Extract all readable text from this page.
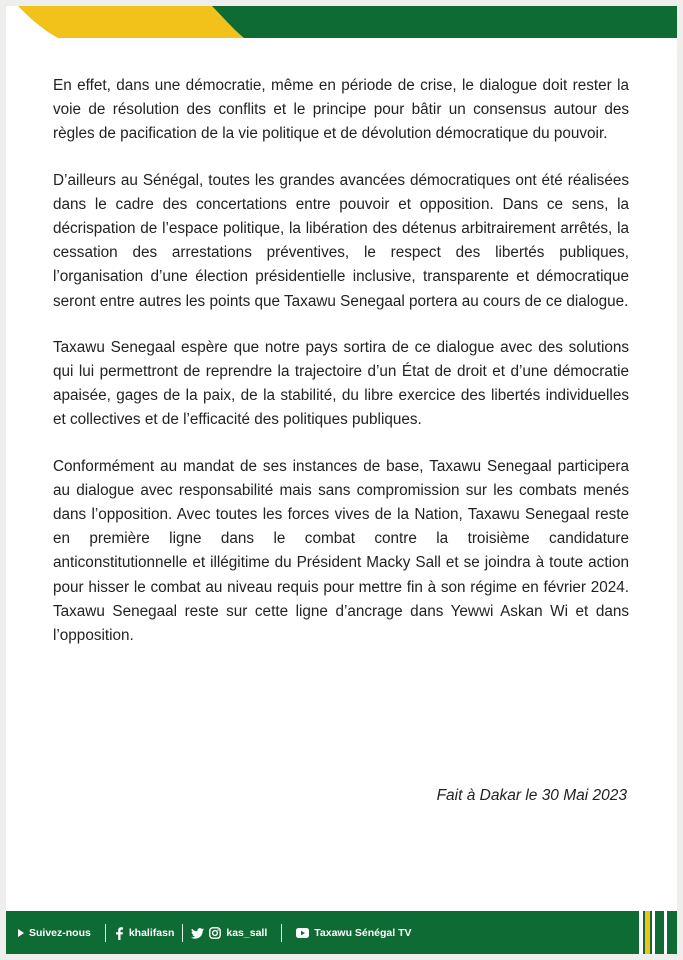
En effet, dans une démocratie, même en période de crise, le dialogue doit rester la voie de résolution des conflits et le principe pour bâtir un consensus autour des règles de pacification de la vie politique et de dévolution démocratique du pouvoir.

D’ailleurs au Sénégal, toutes les grandes avancées démocratiques ont été réalisées dans le cadre des concertations entre pouvoir et opposition. Dans ce sens, la décrispation de l’espace politique, la libération des détenus arbitrairement arrêtés, la cessation des arrestations préventives, le respect des libertés publiques, l’organisation d’une élection présidentielle inclusive, transparente et démocratique seront entre autres les points que Taxawu Senegaal portera au cours de ce dialogue.

Taxawu Senegaal espère que notre pays sortira de ce dialogue avec des solutions qui lui permettront de reprendre la trajectoire d’un État de droit et d’une démocratie apaisée, gages de la paix, de la stabilité, du libre exercice des libertés individuelles et collectives et de l’efficacité des politiques publiques.

Conformément au mandat de ses instances de base, Taxawu Senegaal participera au dialogue avec responsabilité mais sans compromission sur les combats menés dans l’opposition. Avec toutes les forces vives de la Nation, Taxawu Senegaal reste en première ligne dans le combat contre la troisième candidature anticonstitutionnelle et illégitime du Président Macky Sall et se joindra à toute action pour hisser le combat au niveau requis pour mettre fin à son régime en février 2024. Taxawu Senegaal reste sur cette ligne d’ancrage dans Yewwi Askan Wi et dans l’opposition.

Fait à Dakar le 30 Mai 2023
Suivez-nous	khalifasn	kas_sall	Taxawu Sénégal TV
